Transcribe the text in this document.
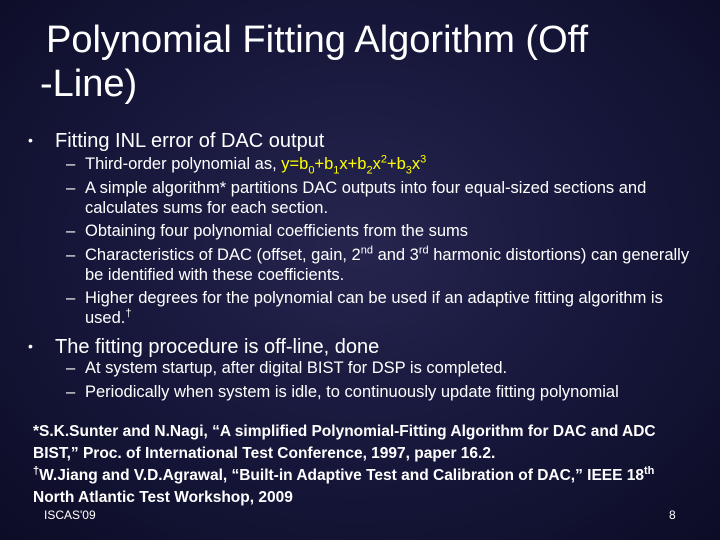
Polynomial Fitting Algorithm (Off
-Line)
• Fitting INL error of DAC output
– Third-order polynomial as, $y=b_0+b_1x+b_2x^2+b_3x^3$
– A simple algorithm* partitions DAC outputs into four equal-sized sections and calculates sums for each section.
– Obtaining four polynomial coefficients from the sums
– Characteristics of DAC (offset, gain, 2nd and 3rd harmonic distortions) can generally be identified with these coefficients.
– Higher degrees for the polynomial can be used if an adaptive fitting algorithm is used.†
• The fitting procedure is off-line, done
– At system startup, after digital BIST for DSP is completed.
– Periodically when system is idle, to continuously update fitting polynomial
*S.K.Sunter and N.Nagi, “A simplified Polynomial-Fitting Algorithm for DAC and ADC BIST,” Proc. of International Test Conference, 1997, paper 16.2.
†W.Jiang and V.D.Agrawal, “Built-in Adaptive Test and Calibration of DAC,” IEEE 18th North Atlantic Test Workshop, 2009
ISCAS'09	8
